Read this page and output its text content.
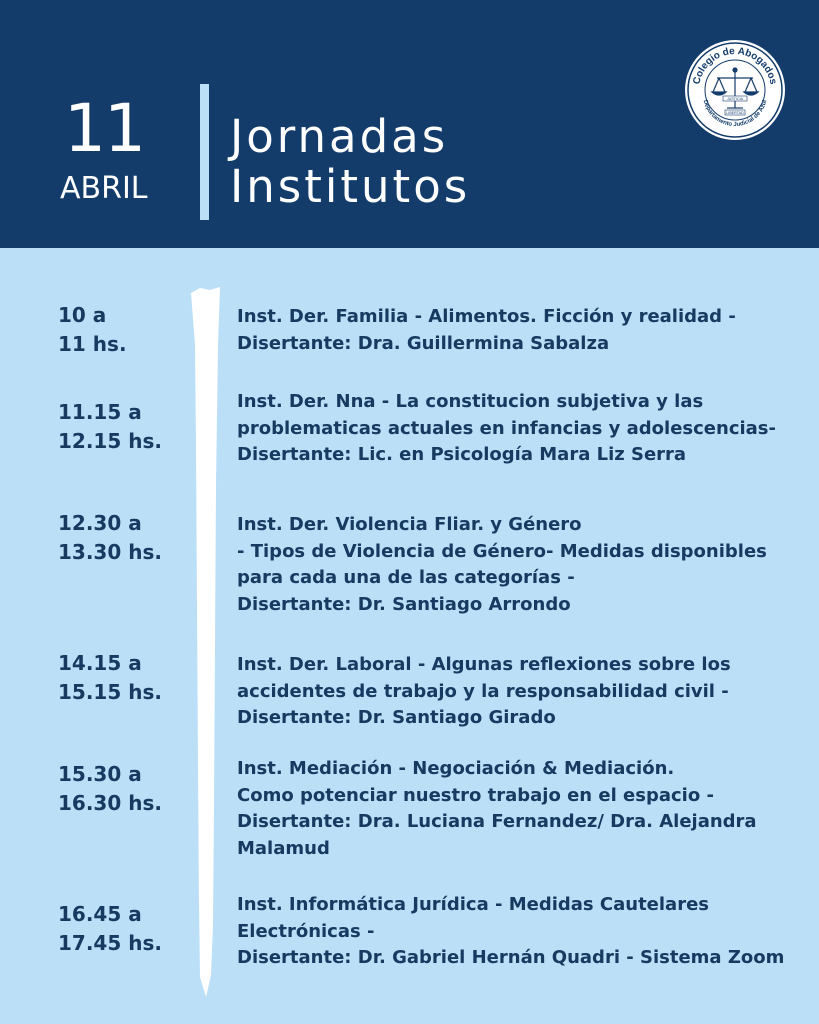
11
ABRIL
Jornadas
Institutos
Colegio de Abogados
Departamento Judicial de Azul
JUSTICIA
LIBERTAD
10 a
11 hs.
Inst. Der. Familia - Alimentos. Ficción y realidad -
Disertante: Dra. Guillermina Sabalza
11.15 a
12.15 hs.
Inst. Der. Nna - La constitucion subjetiva y las
problematicas actuales en infancias y adolescencias-
Disertante: Lic. en Psicología Mara Liz Serra
12.30 a
13.30 hs.
Inst. Der. Violencia Fliar. y Género
- Tipos de Violencia de Género- Medidas disponibles
para cada una de las categorías -
Disertante: Dr. Santiago Arrondo
14.15 a
15.15 hs.
Inst. Der. Laboral - Algunas reflexiones sobre los
accidentes de trabajo y la responsabilidad civil -
Disertante: Dr. Santiago Girado
15.30 a
16.30 hs.
Inst. Mediación - Negociación & Mediación.
Como potenciar nuestro trabajo en el espacio -
Disertante: Dra. Luciana Fernandez/ Dra. Alejandra
Malamud
16.45 a
17.45 hs.
Inst. Informática Jurídica - Medidas Cautelares
Electrónicas -
Disertante: Dr. Gabriel Hernán Quadri - Sistema Zoom
